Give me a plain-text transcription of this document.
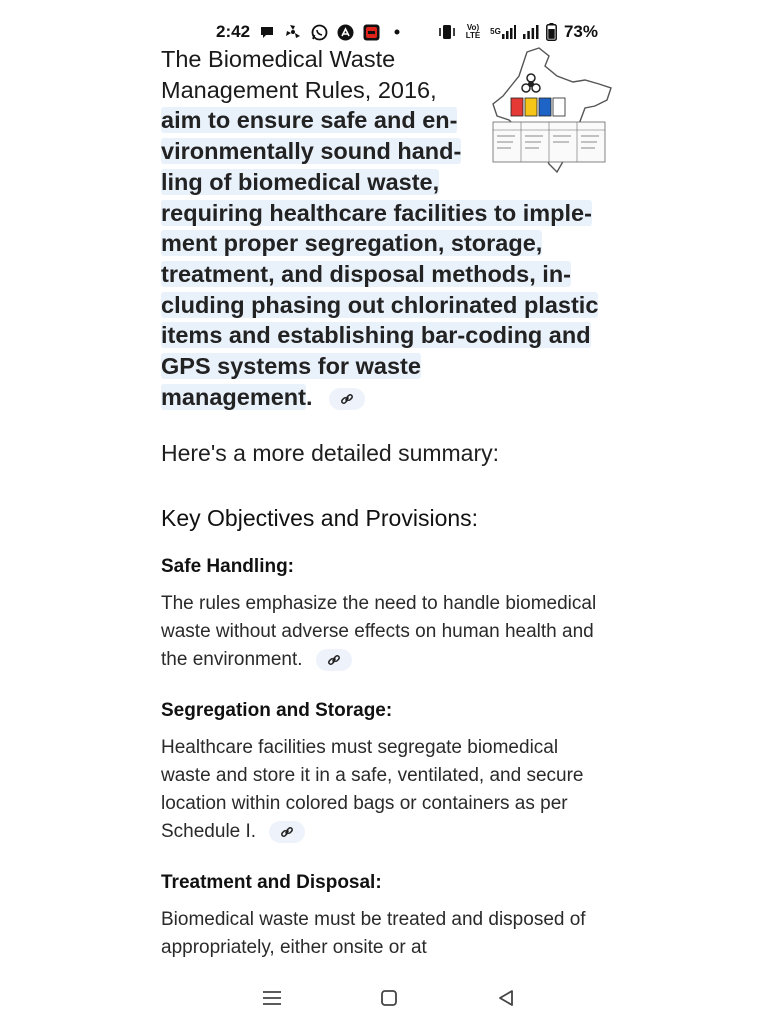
2:42	Vo) LTE	5G	73%
The Biomedical Waste
Management Rules, 2016,
aim to ensure safe and en-
vironmentally sound hand-
ling of biomedical waste,
requiring healthcare facilities to imple-
ment proper segregation, storage,
treatment, and disposal methods, in-
cluding phasing out chlorinated plastic
items and establishing bar-coding and
GPS systems for waste
management.
Here's a more detailed summary:
Key Objectives and Provisions:
Safe Handling:
The rules emphasize the need to handle biomedical waste without adverse effects on human health and the environment.
Segregation and Storage:
Healthcare facilities must segregate biomedical waste and store it in a safe, ventilated, and secure location within colored bags or containers as per Schedule I.
Treatment and Disposal:
Biomedical waste must be treated and disposed of appropriately, either onsite or at
